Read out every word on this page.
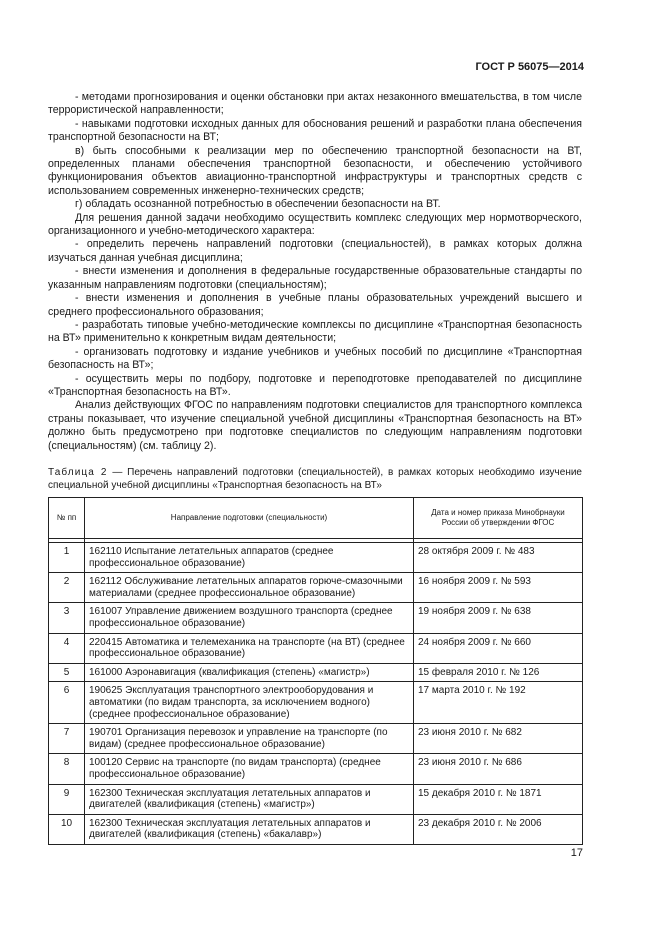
ГОСТ Р 56075—2014

- методами прогнозирования и оценки обстановки при актах незаконного вмешательства, в том числе террористической направленности;

- навыками подготовки исходных данных для обоснования решений и разработки плана обеспечения транспортной безопасности на ВТ;

в) быть способными к реализации мер по обеспечению транспортной безопасности на ВТ, определенных планами обеспечения транспортной безопасности, и обеспечению устойчивого функционирования объектов авиационно-транспортной инфраструктуры и транспортных средств с использованием современных инженерно-технических средств;

г) обладать осознанной потребностью в обеспечении безопасности на ВТ.

Для решения данной задачи необходимо осуществить комплекс следующих мер нормотворческого, организационного и учебно-методического характера:

- определить перечень направлений подготовки (специальностей), в рамках которых должна изучаться данная учебная дисциплина;

- внести изменения и дополнения в федеральные государственные образовательные стандарты по указанным направлениям подготовки (специальностям);

- внести изменения и дополнения в учебные планы образовательных учреждений высшего и среднего профессионального образования;

- разработать типовые учебно-методические комплексы по дисциплине «Транспортная безопасность на ВТ» применительно к конкретным видам деятельности;

- организовать подготовку и издание учебников и учебных пособий по дисциплине «Транспортная безопасность на ВТ»;

- осуществить меры по подбору, подготовке и переподготовке преподавателей по дисциплине «Транспортная безопасность на ВТ».

Анализ действующих ФГОС по направлениям подготовки специалистов для транспортного комплекса страны показывает, что изучение специальной учебной дисциплины «Транспортная безопасность на ВТ» должно быть предусмотрено при подготовке специалистов по следующим направлениям подготовки (специальностям) (см. таблицу 2).

Таблица 2 — Перечень направлений подготовки (специальностей), в рамках которых необходимо изучение специальной учебной дисциплины «Транспортная безопасность на ВТ»
№ пп	Направление подготовки (специальности)	Дата и номер приказа Минобрнауки России об утверждении ФГОС

1	162110 Испытание летательных аппаратов (среднее профессиональное образование)	28 октября 2009 г. № 483
2	162112 Обслуживание летательных аппаратов горюче-смазочными материалами (среднее профессиональное образование)	16 ноября 2009 г. № 593
3	161007 Управление движением воздушного транспорта (среднее профессиональное образование)	19 ноября 2009 г. № 638
4	220415 Автоматика и телемеханика на транспорте (на ВТ) (среднее профессиональное образование)	24 ноября 2009 г. № 660
5	161000 Аэронавигация (квалификация (степень) «магистр»)	15 февраля 2010 г. № 126
6	190625 Эксплуатация транспортного электрооборудования и автоматики (по видам транспорта, за исключением водного) (среднее профессиональное образование)	17 марта 2010 г. № 192
7	190701 Организация перевозок и управление на транспорте (по видам) (среднее профессиональное образование)	23 июня 2010 г. № 682
8	100120 Сервис на транспорте (по видам транспорта) (среднее профессиональное образование)	23 июня 2010 г. № 686
9	162300 Техническая эксплуатация летательных аппаратов и двигателей (квалификация (степень) «магистр»)	15 декабря 2010 г. № 1871
10	162300 Техническая эксплуатация летательных аппаратов и двигателей (квалификация (степень) «бакалавр»)	23 декабря 2010 г. № 2006
17
